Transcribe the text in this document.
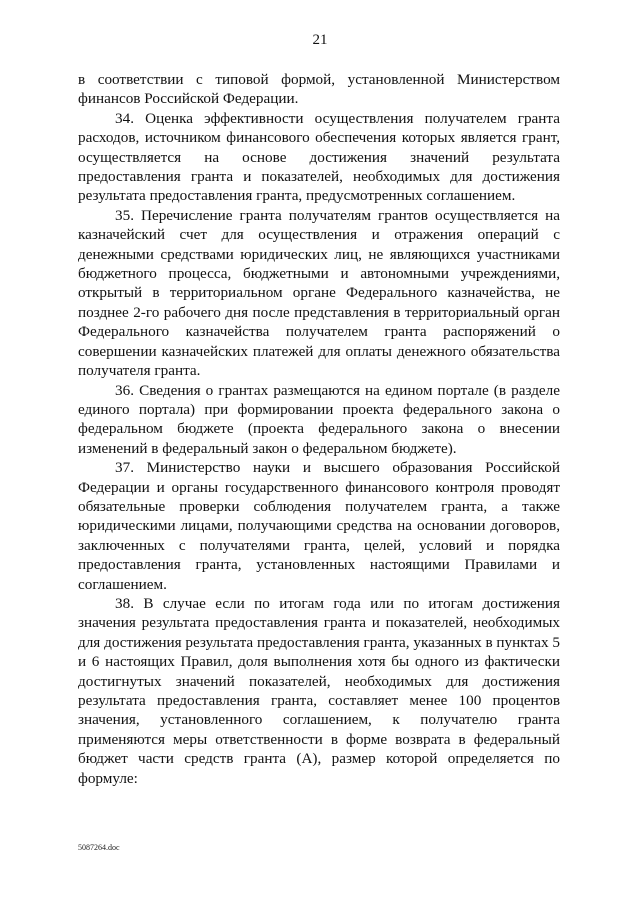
21

в соответствии с типовой формой, установленной Министерством финансов Российской Федерации.

34. Оценка эффективности осуществления получателем гранта расходов, источником финансового обеспечения которых является грант, осуществляется на основе достижения значений результата предоставления гранта и показателей, необходимых для достижения результата предоставления гранта, предусмотренных соглашением.

35. Перечисление гранта получателям грантов осуществляется на казначейский счет для осуществления и отражения операций с денежными средствами юридических лиц, не являющихся участниками бюджетного процесса, бюджетными и автономными учреждениями, открытый в территориальном органе Федерального казначейства, не позднее 2-го рабочего дня после представления в территориальный орган Федерального казначейства получателем гранта распоряжений о совершении казначейских платежей для оплаты денежного обязательства получателя гранта.

36. Сведения о грантах размещаются на едином портале (в разделе единого портала) при формировании проекта федерального закона о федеральном бюджете (проекта федерального закона о внесении изменений в федеральный закон о федеральном бюджете).

37. Министерство науки и высшего образования Российской Федерации и органы государственного финансового контроля проводят обязательные проверки соблюдения получателем гранта, а также юридическими лицами, получающими средства на основании договоров, заключенных с получателями гранта, целей, условий и порядка предоставления гранта, установленных настоящими Правилами и соглашением.

38. В случае если по итогам года или по итогам достижения значения результата предоставления гранта и показателей, необходимых для достижения результата предоставления гранта, указанных в пунктах 5 и 6 настоящих Правил, доля выполнения хотя бы одного из фактически достигнутых значений показателей, необходимых для достижения результата предоставления гранта, составляет менее 100 процентов значения, установленного соглашением, к получателю гранта применяются меры ответственности в форме возврата в федеральный бюджет части средств гранта (А), размер которой определяется по формуле:

5087264.doc
